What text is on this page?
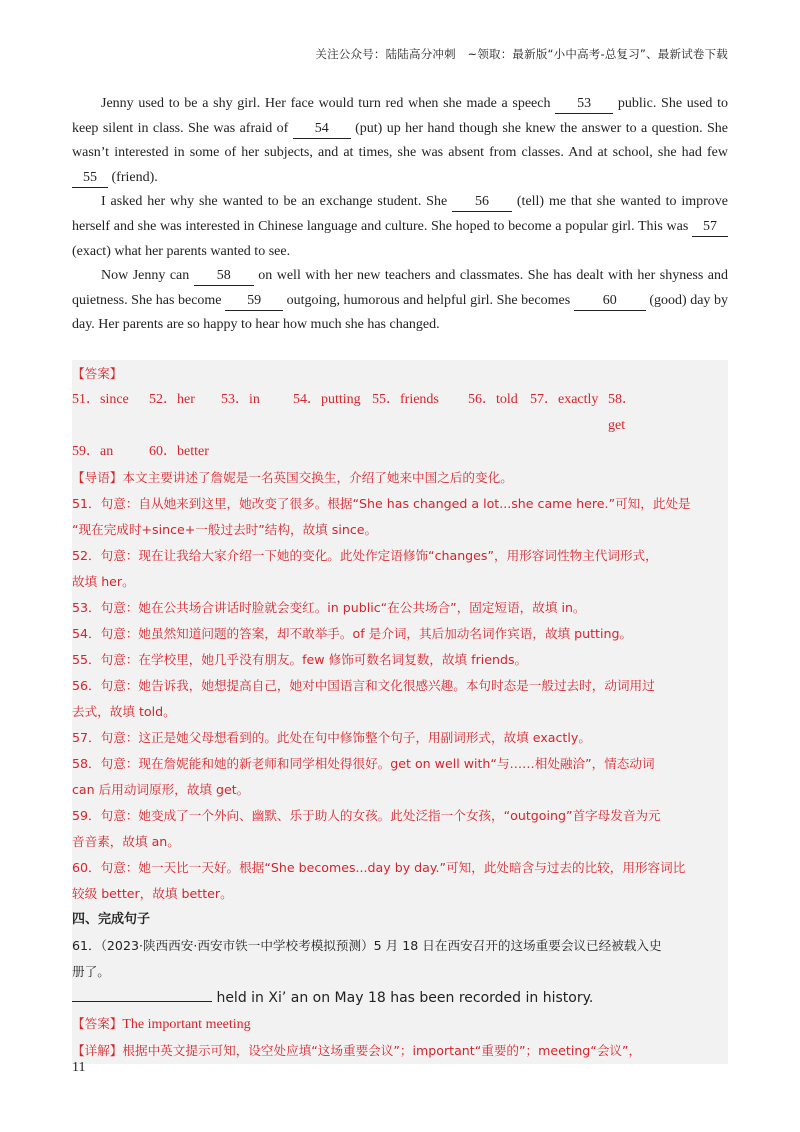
关注公众号：陆陆高分冲刺　~领取：最新版“小中高考-总复习”、最新试卷下载

Jenny used to be a shy girl. Her face would turn red when she made a speech 53 public. She used to keep silent in class. She was afraid of 54 (put) up her hand though she knew the answer to a question. She wasn’t interested in some of her subjects, and at times, she was absent from classes. And at school, she had few 55 (friend).

I asked her why she wanted to be an exchange student. She 56 (tell) me that she wanted to improve herself and she was interested in Chinese language and culture. She hoped to become a popular girl. This was 57 (exact) what her parents wanted to see.

Now Jenny can 58 on well with her new teachers and classmates. She has dealt with her shyness and quietness. She has become 59 outgoing, humorous and helpful girl. She becomes 60 (good) day by day. Her parents are so happy to hear how much she has changed.

【答案】
51．since	52．her	53．in	54．putting 55．friends	56．told 57．exactly 58．get
59．an	60．better
【导语】本文主要讲述了詹妮是一名英国交换生，介绍了她来中国之后的变化。
51．句意：自从她来到这里，她改变了很多。根据“She has changed a lot...she came here.”可知，此处是
“现在完成时+since+一般过去时”结构，故填 since。
52．句意：现在让我给大家介绍一下她的变化。此处作定语修饰“changes”，用形容词性物主代词形式，
故填 her。
53．句意：她在公共场合讲话时脸就会变红。in public“在公共场合”，固定短语，故填 in。
54．句意：她虽然知道问题的答案，却不敢举手。of 是介词，其后加动名词作宾语，故填 putting。
55．句意：在学校里，她几乎没有朋友。few 修饰可数名词复数，故填 friends。
56．句意：她告诉我，她想提高自己，她对中国语言和文化很感兴趣。本句时态是一般过去时，动词用过
去式，故填 told。
57．句意：这正是她父母想看到的。此处在句中修饰整个句子，用副词形式，故填 exactly。
58．句意：现在詹妮能和她的新老师和同学相处得很好。get on well with“与……相处融洽”，情态动词
can 后用动词原形，故填 get。
59．句意：她变成了一个外向、幽默、乐于助人的女孩。此处泛指一个女孩，“outgoing”首字母发音为元
音音素，故填 an。
60．句意：她一天比一天好。根据“She becomes...day by day.”可知，此处暗含与过去的比较，用形容词比
较级 better，故填 better。
四、完成句子
61．（2023·陕西西安·西安市铁一中学校考模拟预测）5 月 18 日在西安召开的这场重要会议已经被载入史
册了。
held in Xi’ an on May 18 has been recorded in history.
【答案】The important meeting
【详解】根据中英文提示可知，设空处应填“这场重要会议”；important“重要的”；meeting“会议”，
11
